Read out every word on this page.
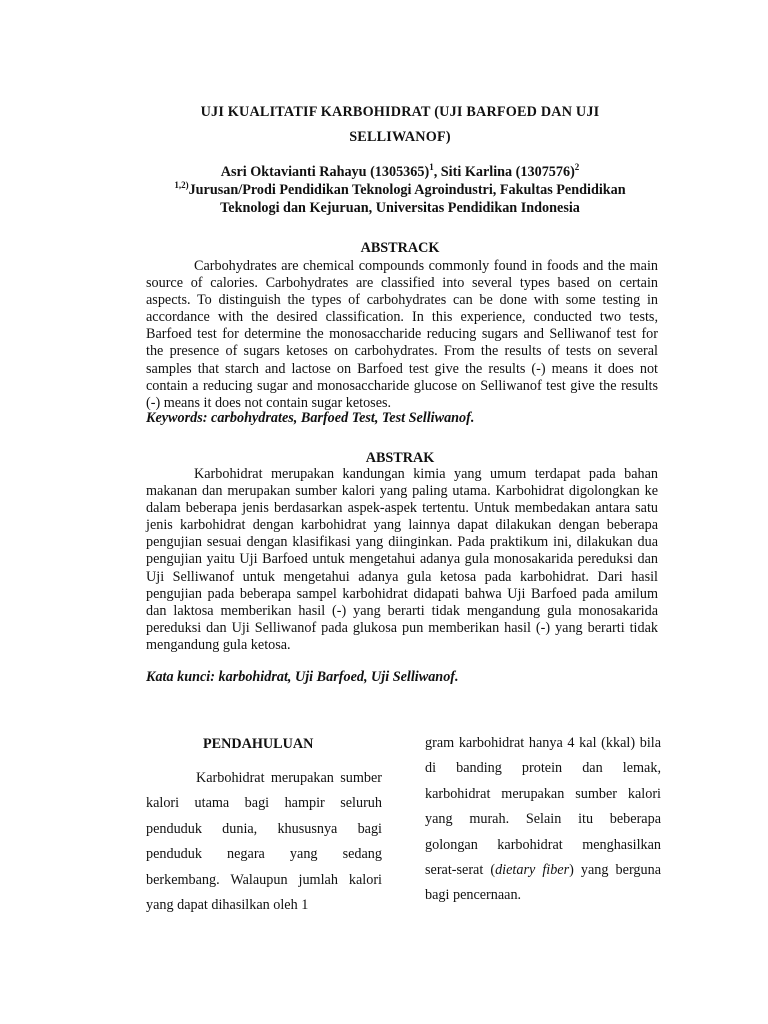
UJI KUALITATIF KARBOHIDRAT (UJI BARFOED DAN UJI
SELLIWANOF)
Asri Oktavianti Rahayu $(1305365)^1$, Siti Karlina $(1307576)^2$
$^{1,2)}$Jurusan/Prodi Pendidikan Teknologi Agroindustri, Fakultas Pendidikan
Teknologi dan Kejuruan, Universitas Pendidikan Indonesia
ABSTRACK
Carbohydrates are chemical compounds commonly found in foods and the main source of calories. Carbohydrates are classified into several types based on certain aspects. To distinguish the types of carbohydrates can be done with some testing in accordance with the desired classification. In this experience, conducted two tests, Barfoed test for determine the monosaccharide reducing sugars and Selliwanof test for the presence of sugars ketoses on carbohydrates. From the results of tests on several samples that starch and lactose on Barfoed test give the results (-) means it does not contain a reducing sugar and monosaccharide glucose on Selliwanof test give the results (-) means it does not contain sugar ketoses.
Keywords: carbohydrates, Barfoed Test, Test Selliwanof.
ABSTRAK
Karbohidrat merupakan kandungan kimia yang umum terdapat pada bahan makanan dan merupakan sumber kalori yang paling utama. Karbohidrat digolongkan ke dalam beberapa jenis berdasarkan aspek-aspek tertentu. Untuk membedakan antara satu jenis karbohidrat dengan karbohidrat yang lainnya dapat dilakukan dengan beberapa pengujian sesuai dengan klasifikasi yang diinginkan. Pada praktikum ini, dilakukan dua pengujian yaitu Uji Barfoed untuk mengetahui adanya gula monosakarida pereduksi dan Uji Selliwanof untuk mengetahui adanya gula ketosa pada karbohidrat. Dari hasil pengujian pada beberapa sampel karbohidrat didapati bahwa Uji Barfoed pada amilum dan laktosa memberikan hasil (-) yang berarti tidak mengandung gula monosakarida pereduksi dan Uji Selliwanof pada glukosa pun memberikan hasil (-) yang berarti tidak mengandung gula ketosa.
Kata kunci: karbohidrat, Uji Barfoed, Uji Selliwanof.
PENDAHULUAN
Karbohidrat merupakan sumber kalori utama bagi hampir seluruh penduduk dunia, khususnya bagi penduduk negara yang sedang berkembang. Walaupun jumlah kalori yang dapat dihasilkan oleh 1
gram karbohidrat hanya 4 kal (kkal) bila di banding protein dan lemak, karbohidrat merupakan sumber kalori yang murah. Selain itu beberapa golongan karbohidrat menghasilkan serat-serat (dietary fiber) yang berguna bagi pencernaan.
